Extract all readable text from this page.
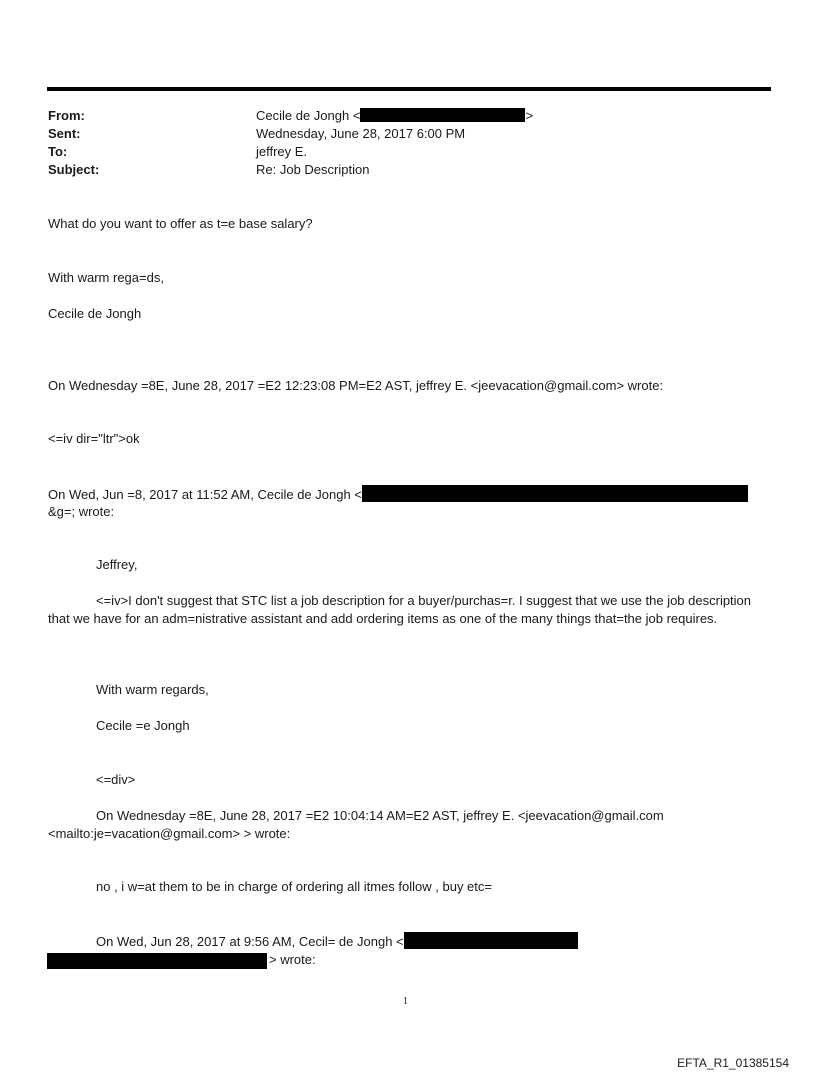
From:
Sent:
To:
Subject:
Cecile de Jongh <	>
Wednesday, June 28, 2017 6:00 PM
jeffrey E.
Re: Job Description
What do you want to offer as t=e base salary?
With warm rega=ds,
Cecile de Jongh
On Wednesday =8E, June 28, 2017 =E2 12:23:08 PM=E2 AST, jeffrey E. <jeevacation@gmail.com> wrote:
<=iv dir="ltr">ok
On Wed, Jun =8, 2017 at 11:52 AM, Cecile de Jongh <
&g=; wrote:
Jeffrey,
<=iv>I don't suggest that STC list a job description for a buyer/purchas=r. I suggest that we use the job description that we have for an adm=nistrative assistant and add ordering items as one of the many things that=the job requires.
With warm regards,
Cecile =e Jongh
<=div>
On Wednesday =8E, June 28, 2017 =E2 10:04:14 AM=E2 AST, jeffrey E. <jeevacation@gmail.com
<mailto:je=vacation@gmail.com> > wrote:
no , i w=at them to be in charge of ordering all itmes follow , buy etc=
On Wed, Jun 28, 2017 at 9:56 AM, Cecil= de Jongh <
> wrote:
1
EFTA_R1_01385154
